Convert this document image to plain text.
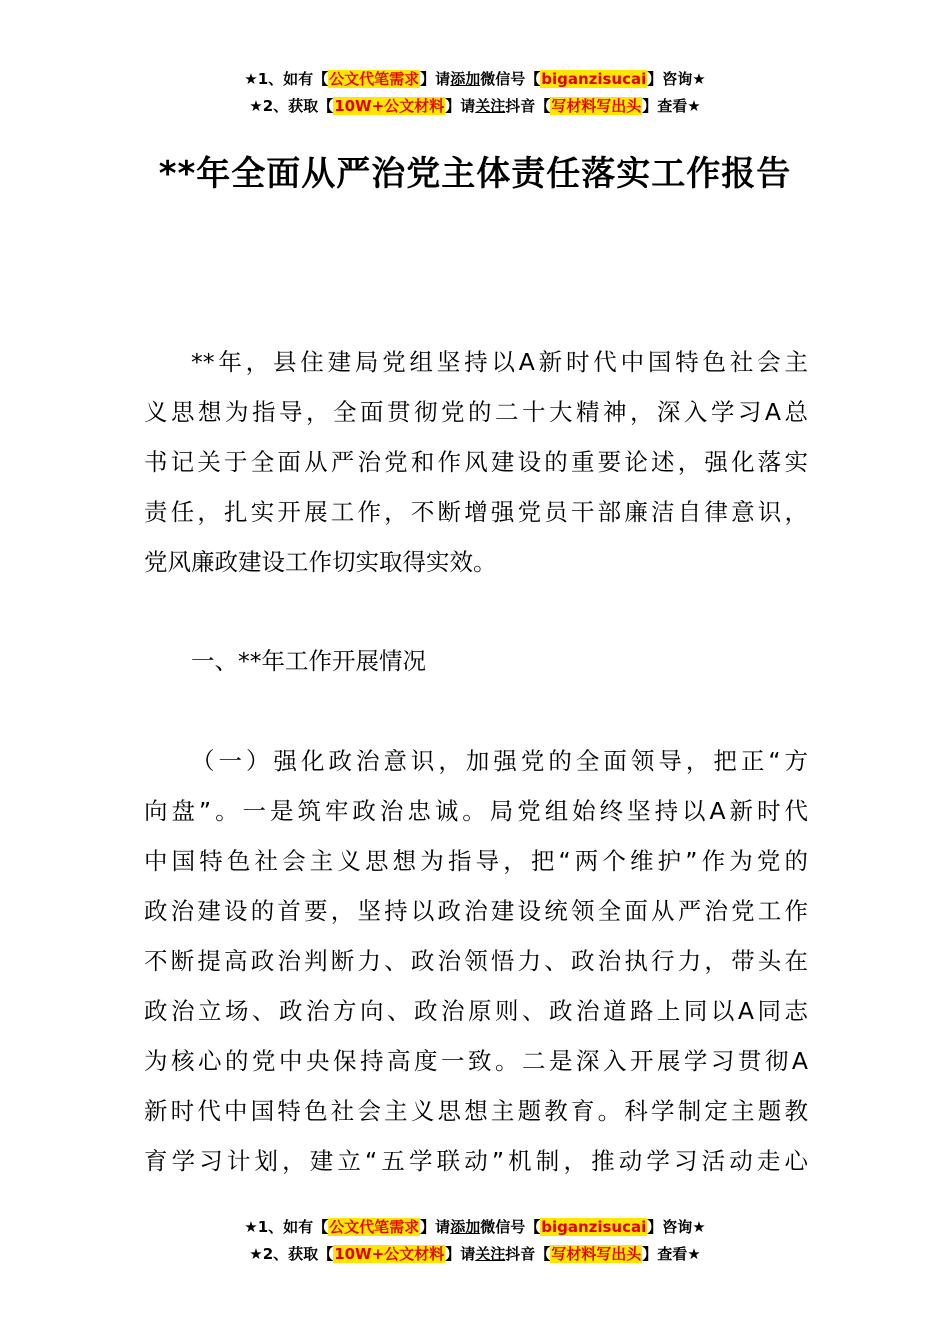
★1、如有【公文代笔需求】请添加微信号【biganzisucai】咨询★
★2、获取【10W+公文材料】请关注抖音【写材料写出头】查看★
**年全面从严治党主体责任落实工作报告
**年，县住建局党组坚持以A新时代中国特色社会主
义思想为指导，全面贯彻党的二十大精神，深入学习A总
书记关于全面从严治党和作风建设的重要论述，强化落实
责任，扎实开展工作，不断增强党员干部廉洁自律意识，
党风廉政建设工作切实取得实效。
一、**年工作开展情况
（一）强化政治意识，加强党的全面领导，把正“方
向盘”。一是筑牢政治忠诚。局党组始终坚持以A新时代
中国特色社会主义思想为指导，把“两个维护”作为党的
政治建设的首要，坚持以政治建设统领全面从严治党工作
不断提高政治判断力、政治领悟力、政治执行力，带头在
政治立场、政治方向、政治原则、政治道路上同以A同志
为核心的党中央保持高度一致。二是深入开展学习贯彻A
新时代中国特色社会主义思想主题教育。科学制定主题教
育学习计划，建立“五学联动”机制，推动学习活动走心
★1、如有【公文代笔需求】请添加微信号【biganzisucai】咨询★
★2、获取【10W+公文材料】请关注抖音【写材料写出头】查看★
